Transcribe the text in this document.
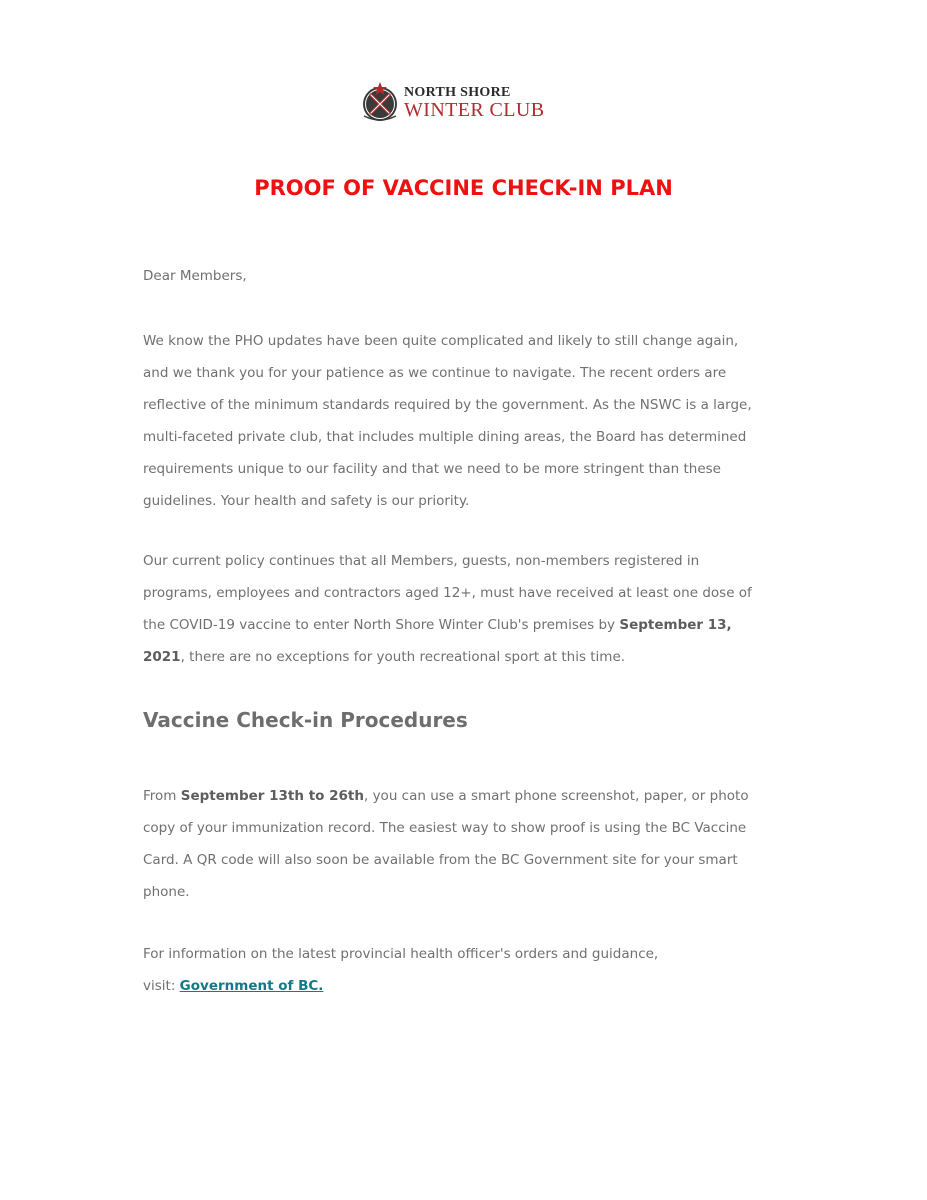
NORTH SHORE
WINTER CLUB
PROOF OF VACCINE CHECK-IN PLAN
Dear Members,
We know the PHO updates have been quite complicated and likely to still change again,
and we thank you for your patience as we continue to navigate. The recent orders are
reflective of the minimum standards required by the government. As the NSWC is a large,
multi-faceted private club, that includes multiple dining areas, the Board has determined
requirements unique to our facility and that we need to be more stringent than these
guidelines. Your health and safety is our priority.
Our current policy continues that all Members, guests, non-members registered in
programs, employees and contractors aged 12+, must have received at least one dose of
the COVID-19 vaccine to enter North Shore Winter Club's premises by September 13,
2021, there are no exceptions for youth recreational sport at this time.
Vaccine Check-in Procedures
From September 13th to 26th, you can use a smart phone screenshot, paper, or photo
copy of your immunization record. The easiest way to show proof is using the BC Vaccine
Card. A QR code will also soon be available from the BC Government site for your smart
phone.
For information on the latest provincial health officer's orders and guidance,
visit: Government of BC.
